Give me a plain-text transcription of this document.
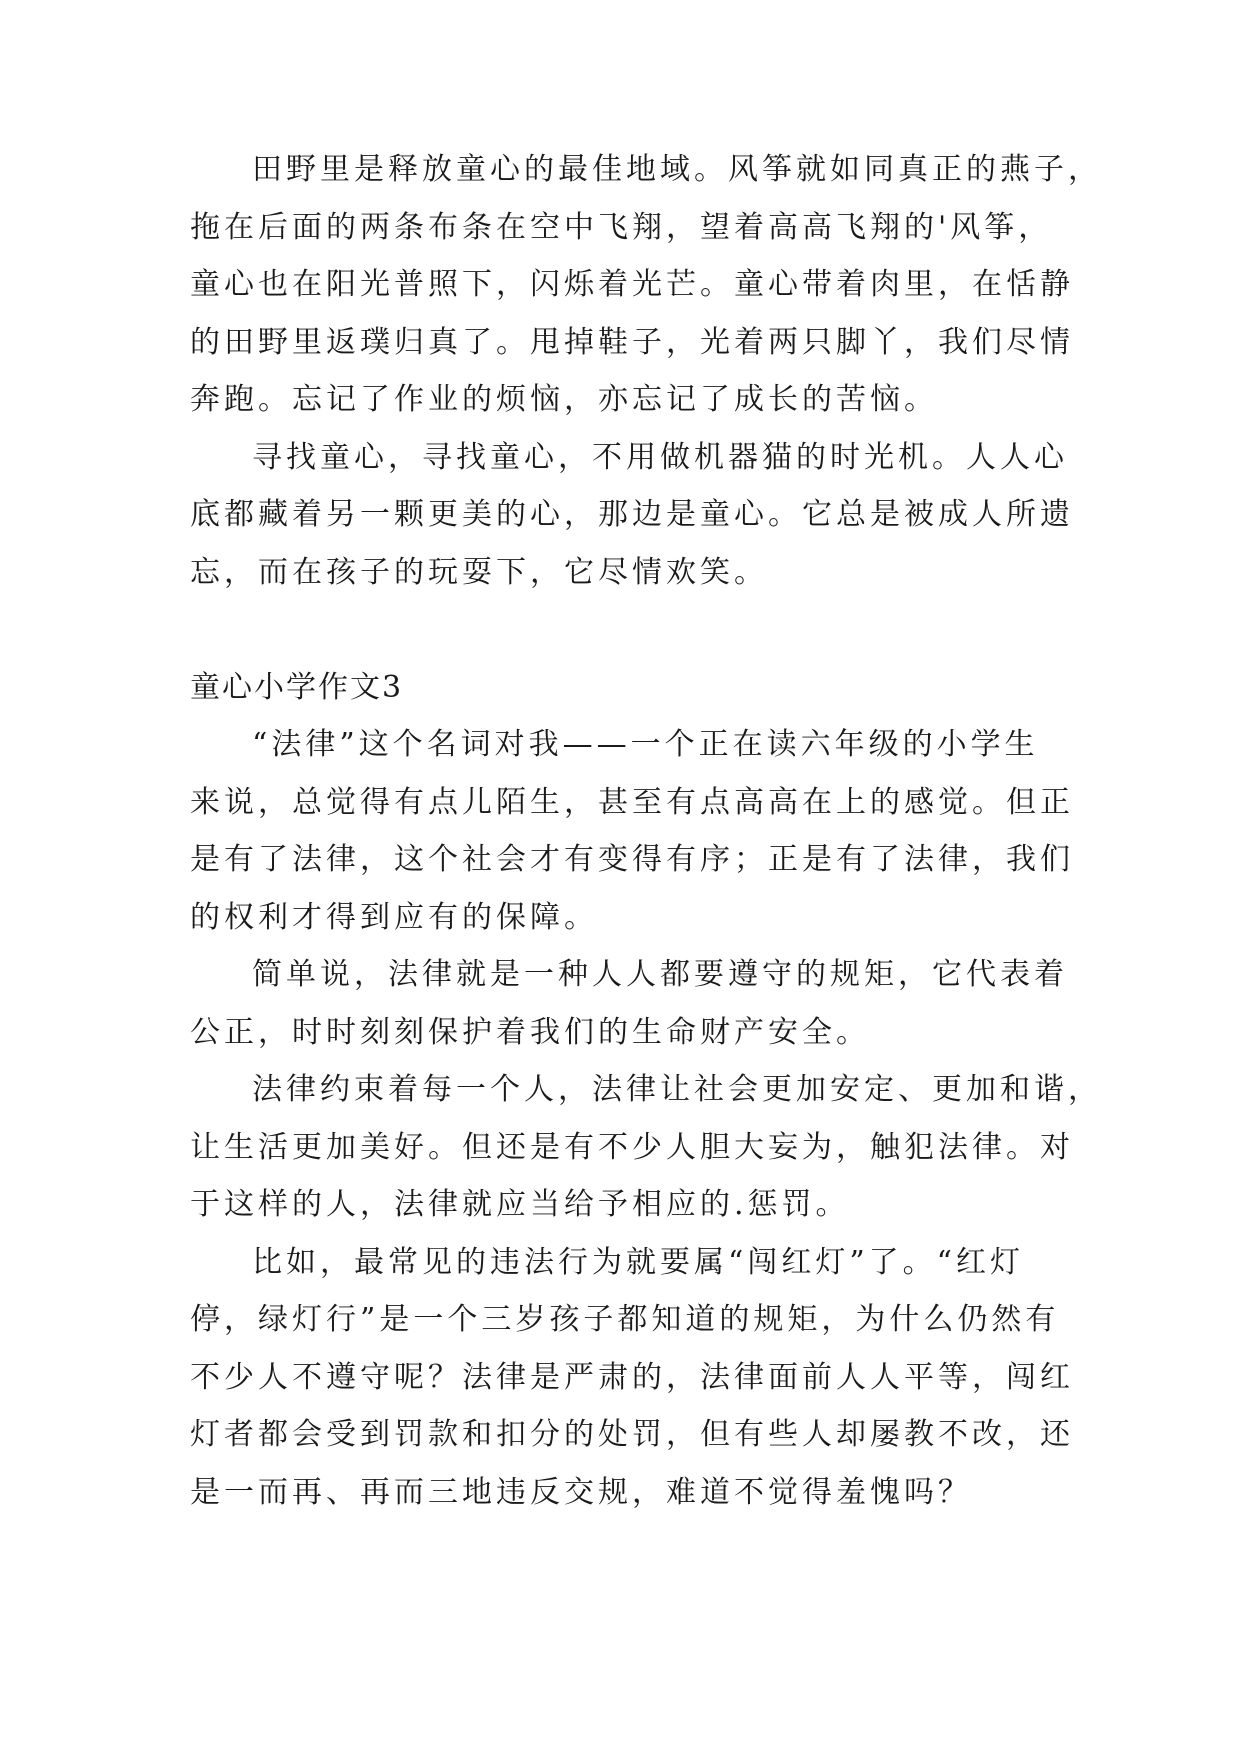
田野里是释放童心的最佳地域。风筝就如同真正的燕子，
拖在后面的两条布条在空中飞翔，望着高高飞翔的'风筝，
童心也在阳光普照下，闪烁着光芒。童心带着肉里，在恬静
的田野里返璞归真了。甩掉鞋子，光着两只脚丫，我们尽情
奔跑。忘记了作业的烦恼，亦忘记了成长的苦恼。
寻找童心，寻找童心，不用做机器猫的时光机。人人心
底都藏着另一颗更美的心，那边是童心。它总是被成人所遗
忘，而在孩子的玩耍下，它尽情欢笑。
童心小学作文3
“法律”这个名词对我——一个正在读六年级的小学生
来说，总觉得有点儿陌生，甚至有点高高在上的感觉。但正
是有了法律，这个社会才有变得有序；正是有了法律，我们
的权利才得到应有的保障。
简单说，法律就是一种人人都要遵守的规矩，它代表着
公正，时时刻刻保护着我们的生命财产安全。
法律约束着每一个人，法律让社会更加安定、更加和谐，
让生活更加美好。但还是有不少人胆大妄为，触犯法律。对
于这样的人，法律就应当给予相应的.惩罚。
比如，最常见的违法行为就要属“闯红灯”了。“红灯
停，绿灯行”是一个三岁孩子都知道的规矩，为什么仍然有
不少人不遵守呢？法律是严肃的，法律面前人人平等，闯红
灯者都会受到罚款和扣分的处罚，但有些人却屡教不改，还
是一而再、再而三地违反交规，难道不觉得羞愧吗？
